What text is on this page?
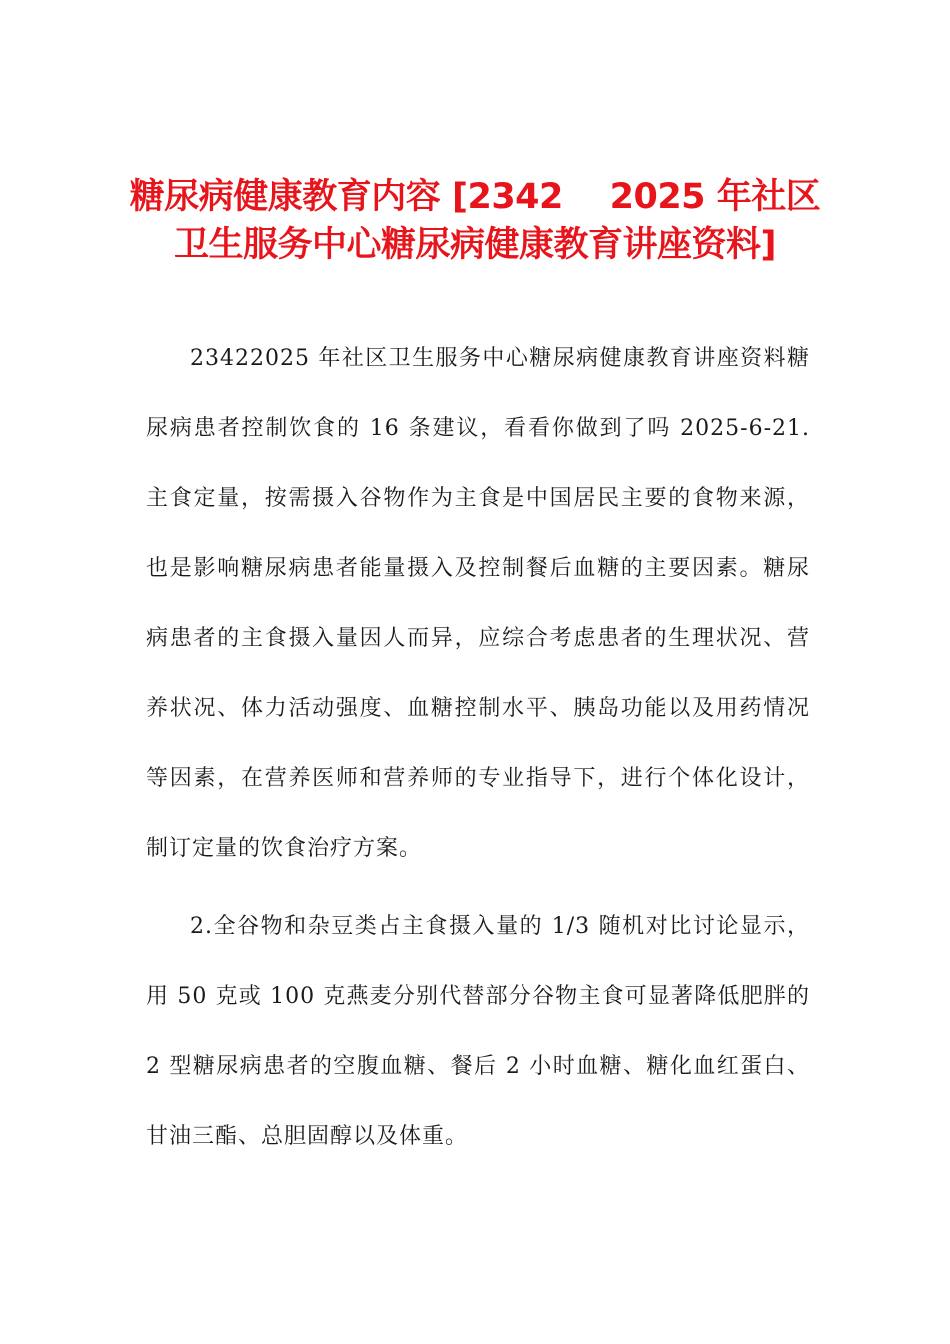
糖尿病健康教育内容 [2342    2025 年社区
卫生服务中心糖尿病健康教育讲座资料]

23422025 年社区卫生服务中心糖尿病健康教育讲座资料糖尿病患者控制饮食的 16 条建议，看看你做到了吗 2025-6-21.主食定量，按需摄入谷物作为主食是中国居民主要的食物来源，也是影响糖尿病患者能量摄入及控制餐后血糖的主要因素。糖尿病患者的主食摄入量因人而异，应综合考虑患者的生理状况、营养状况、体力活动强度、血糖控制水平、胰岛功能以及用药情况等因素，在营养医师和营养师的专业指导下，进行个体化设计，制订定量的饮食治疗方案。

2.全谷物和杂豆类占主食摄入量的 1/3 随机对比讨论显示，用 50 克或 100 克燕麦分别代替部分谷物主食可显著降低肥胖的 2 型糖尿病患者的空腹血糖、餐后 2 小时血糖、糖化血红蛋白、甘油三酯、总胆固醇以及体重。
